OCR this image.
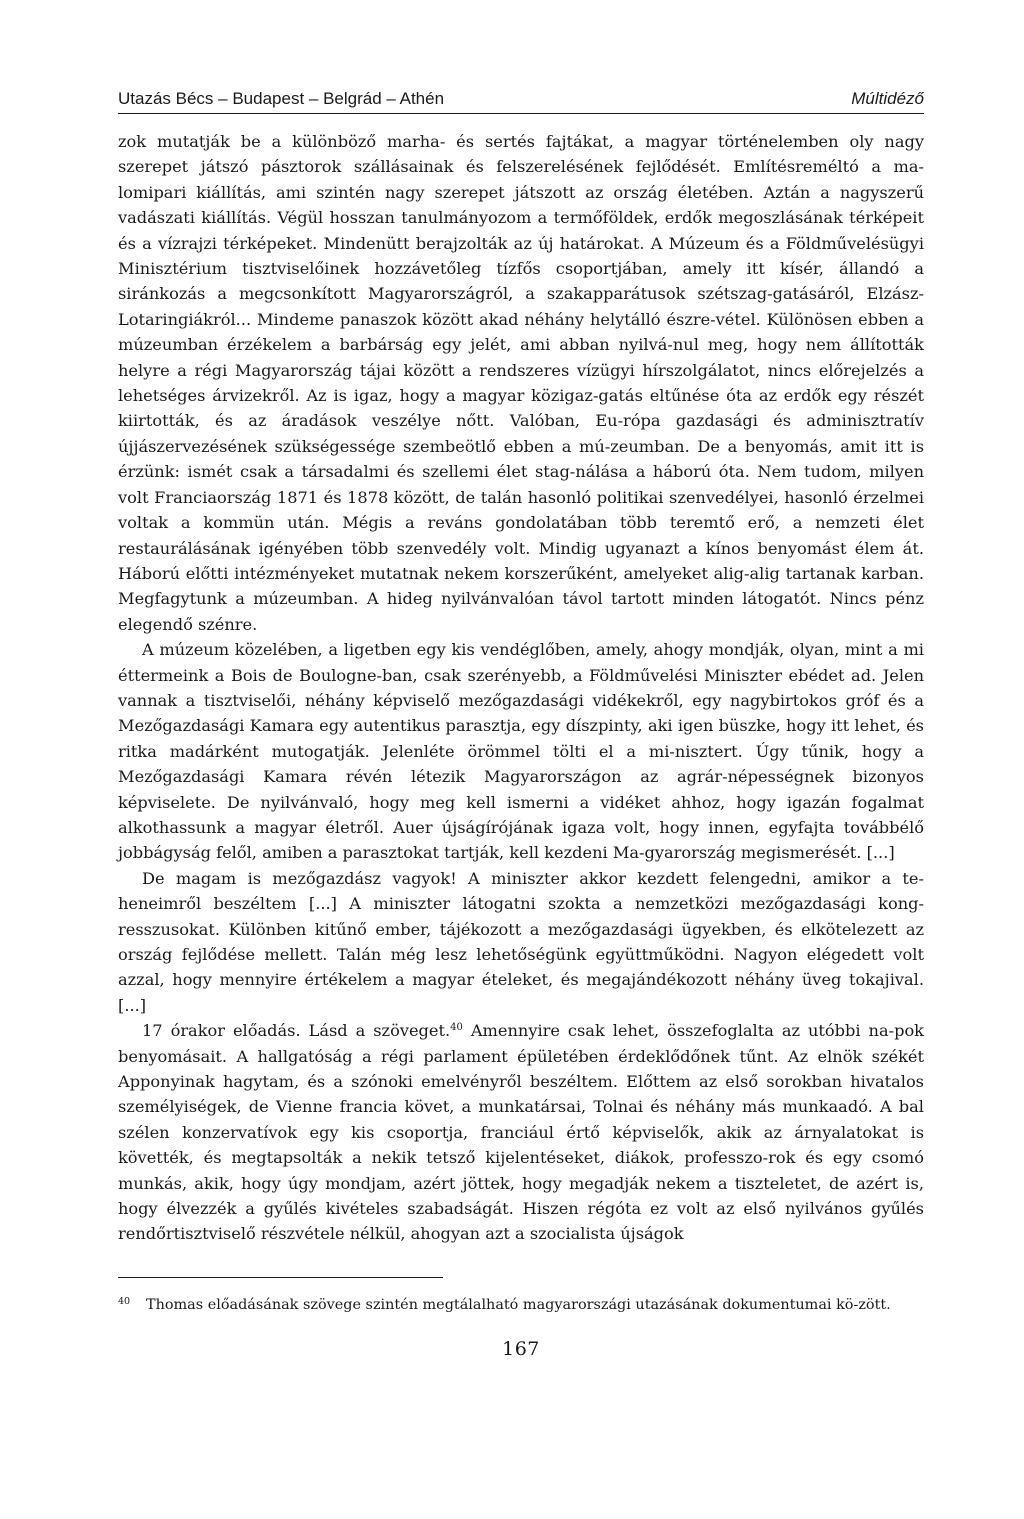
Utazás Bécs – Budapest – Belgrád – Athén	Múltidéző

zok mutatják be a különböző marha- és sertés fajtákat, a magyar történelemben oly nagy szerepet játszó pásztorok szállásainak és felszerelésének fejlődését. Említésreméltó a ma-lomipari kiállítás, ami szintén nagy szerepet játszott az ország életében. Aztán a nagyszerű vadászati kiállítás. Végül hosszan tanulmányozom a termőföldek, erdők megoszlásának térképeit és a vízrajzi térképeket. Mindenütt berajzolták az új határokat. A Múzeum és a Földművelésügyi Minisztérium tisztviselőinek hozzávetőleg tízfős csoportjában, amely itt kísér, állandó a siránkozás a megcsonkított Magyarországról, a szakapparátusok szétszag-gatásáról, Elzász-Lotaringiákról... Mindeme panaszok között akad néhány helytálló észre-vétel. Különösen ebben a múzeumban érzékelem a barbárság egy jelét, ami abban nyilvá-nul meg, hogy nem állították helyre a régi Magyarország tájai között a rendszeres vízügyi hírszolgálatot, nincs előrejelzés a lehetséges árvizekről. Az is igaz, hogy a magyar közigaz-gatás eltűnése óta az erdők egy részét kiirtották, és az áradások veszélye nőtt. Valóban, Eu-rópa gazdasági és adminisztratív újjászervezésének szükségessége szembeötlő ebben a mú-zeumban. De a benyomás, amit itt is érzünk: ismét csak a társadalmi és szellemi élet stag-nálása a háború óta. Nem tudom, milyen volt Franciaország 1871 és 1878 között, de talán hasonló politikai szenvedélyei, hasonló érzelmei voltak a kommün után. Mégis a reváns gondolatában több teremtő erő, a nemzeti élet restaurálásának igényében több szenvedély volt. Mindig ugyanazt a kínos benyomást élem át. Háború előtti intézményeket mutatnak nekem korszerűként, amelyeket alig-alig tartanak karban. Megfagytunk a múzeumban. A hideg nyilvánvalóan távol tartott minden látogatót. Nincs pénz elegendő szénre.

A múzeum közelében, a ligetben egy kis vendéglőben, amely, ahogy mondják, olyan, mint a mi éttermeink a Bois de Boulogne-ban, csak szerényebb, a Földművelési Miniszter ebédet ad. Jelen vannak a tisztviselői, néhány képviselő mezőgazdasági vidékekről, egy nagybirtokos gróf és a Mezőgazdasági Kamara egy autentikus parasztja, egy díszpinty, aki igen büszke, hogy itt lehet, és ritka madárként mutogatják. Jelenléte örömmel tölti el a mi-nisztert. Úgy tűnik, hogy a Mezőgazdasági Kamara révén létezik Magyarországon az agrár-népességnek bizonyos képviselete. De nyilvánvaló, hogy meg kell ismerni a vidéket ahhoz, hogy igazán fogalmat alkothassunk a magyar életről. Auer újságírójának igaza volt, hogy innen, egyfajta továbbélő jobbágyság felől, amiben a parasztokat tartják, kell kezdeni Ma-gyarország megismerését. [...]

De magam is mezőgazdász vagyok! A miniszter akkor kezdett felengedni, amikor a te-heneimről beszéltem [...] A miniszter látogatni szokta a nemzetközi mezőgazdasági kong-resszusokat. Különben kitűnő ember, tájékozott a mezőgazdasági ügyekben, és elkötelezett az ország fejlődése mellett. Talán még lesz lehetőségünk együttműködni. Nagyon elégedett volt azzal, hogy mennyire értékelem a magyar ételeket, és megajándékozott néhány üveg tokajival. [...]

17 órakor előadás. Lásd a szöveget.$^{40}$ Amennyire csak lehet, összefoglalta az utóbbi na-pok benyomásait. A hallgatóság a régi parlament épületében érdeklődőnek tűnt. Az elnök székét Apponyinak hagytam, és a szónoki emelvényről beszéltem. Előttem az első sorokban hivatalos személyiségek, de Vienne francia követ, a munkatársai, Tolnai és néhány más munkaadó. A bal szélen konzervatívok egy kis csoportja, franciául értő képviselők, akik az árnyalatokat is követték, és megtapsolták a nekik tetsző kijelentéseket, diákok, professzo-rok és egy csomó munkás, akik, hogy úgy mondjam, azért jöttek, hogy megadják nekem a tiszteletet, de azért is, hogy élvezzék a gyűlés kivételes szabadságát. Hiszen régóta ez volt az első nyilvános gyűlés rendőrtisztviselő részvétele nélkül, ahogyan azt a szocialista újságok

$^{40}$ Thomas előadásának szövege szintén megtálalható magyarországi utazásának dokumentumai kö-zött.
167
